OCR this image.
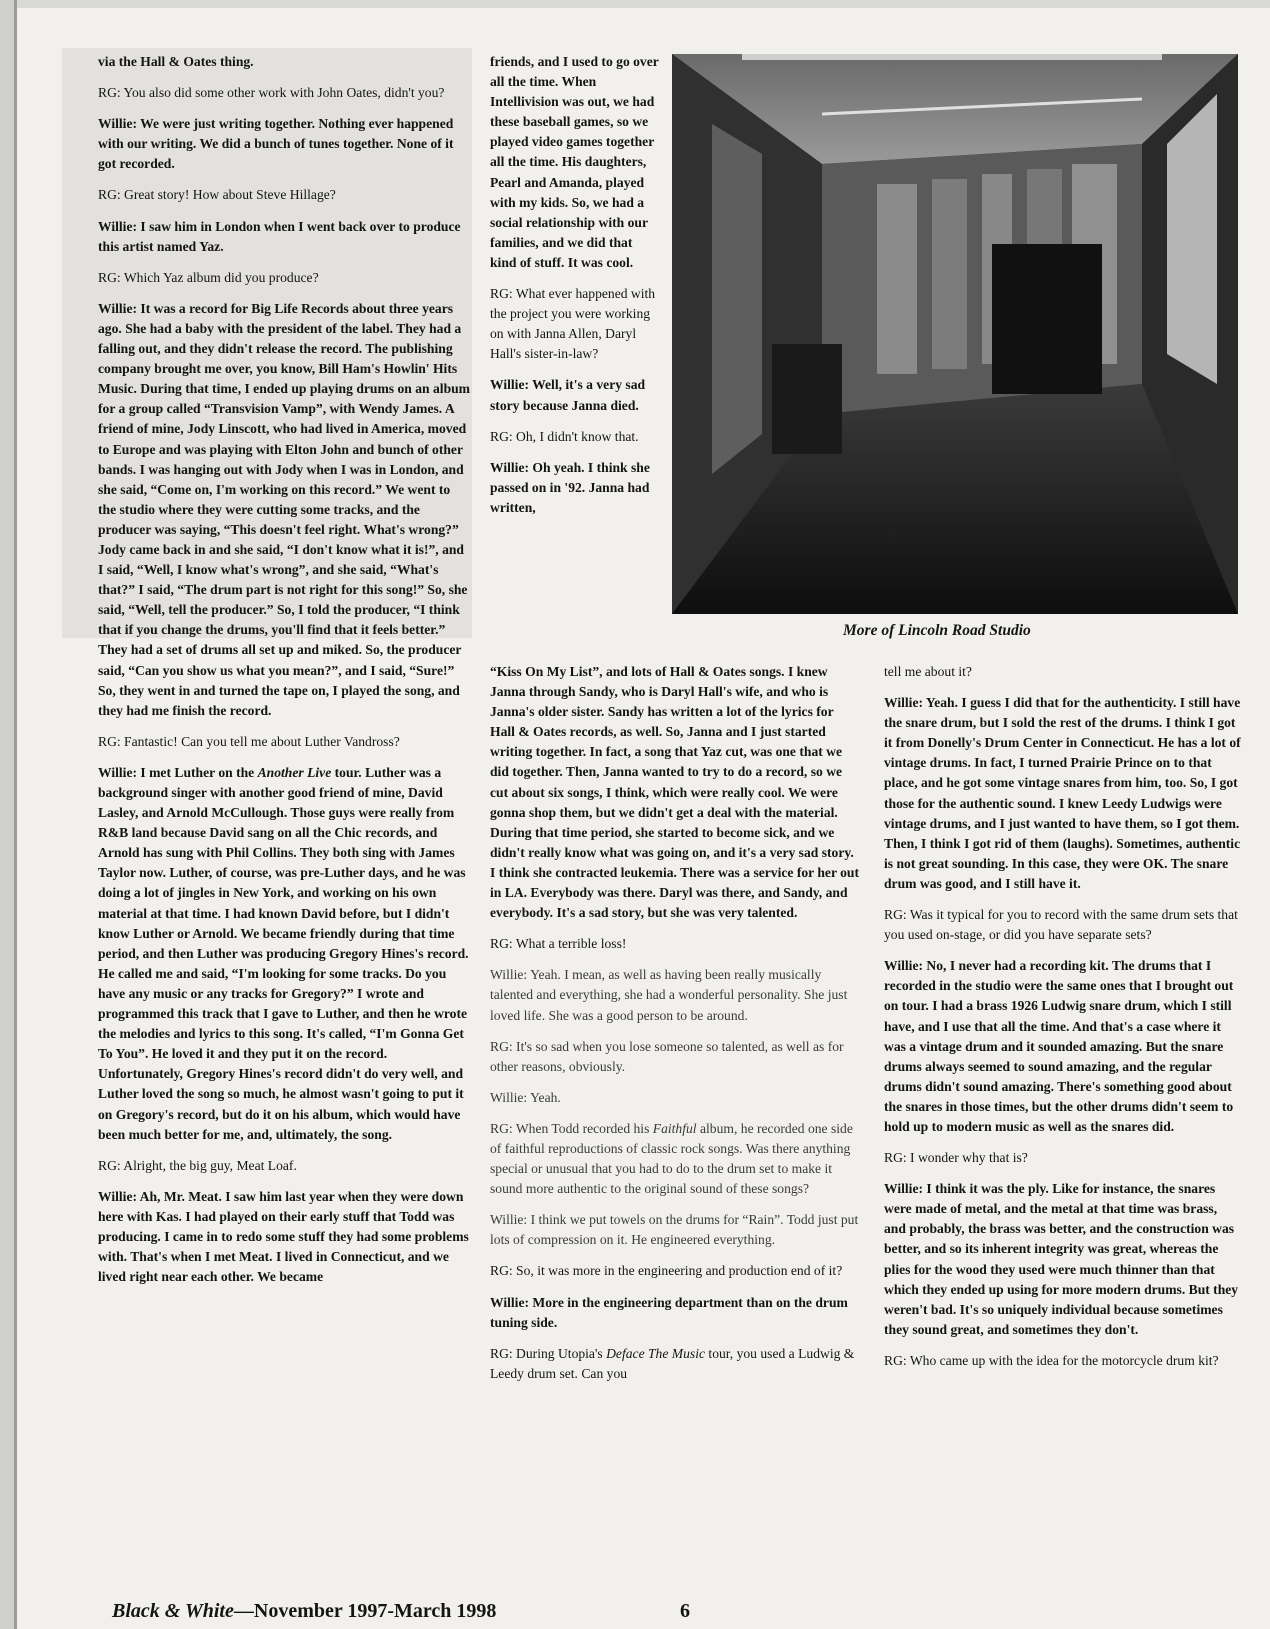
via the Hall & Oates thing.

RG: You also did some other work with John Oates, didn't you?

Willie: We were just writing together. Nothing ever happened with our writing. We did a bunch of tunes together. None of it got recorded.

RG: Great story! How about Steve Hillage?

Willie: I saw him in London when I went back over to produce this artist named Yaz.

RG: Which Yaz album did you produce?

Willie: It was a record for Big Life Records about three years ago. She had a baby with the president of the label. They had a falling out, and they didn't release the record. The publishing company brought me over, you know, Bill Ham's Howlin' Hits Music. During that time, I ended up playing drums on an album for a group called “Transvision Vamp”, with Wendy James. A friend of mine, Jody Linscott, who had lived in America, moved to Europe and was playing with Elton John and bunch of other bands. I was hanging out with Jody when I was in London, and she said, “Come on, I'm working on this record.” We went to the studio where they were cutting some tracks, and the producer was saying, “This doesn't feel right. What's wrong?” Jody came back in and she said, “I don't know what it is!”, and I said, “Well, I know what's wrong”, and she said, “What's that?” I said, “The drum part is not right for this song!” So, she said, “Well, tell the producer.” So, I told the producer, “I think that if you change the drums, you'll find that it feels better.” They had a set of drums all set up and miked. So, the producer said, “Can you show us what you mean?”, and I said, “Sure!” So, they went in and turned the tape on, I played the song, and they had me finish the record.

RG: Fantastic! Can you tell me about Luther Vandross?

Willie: I met Luther on the Another Live tour. Luther was a background singer with another good friend of mine, David Lasley, and Arnold McCullough. Those guys were really from R&B land because David sang on all the Chic records, and Arnold has sung with Phil Collins. They both sing with James Taylor now. Luther, of course, was pre-Luther days, and he was doing a lot of jingles in New York, and working on his own material at that time. I had known David before, but I didn't know Luther or Arnold. We became friendly during that time period, and then Luther was producing Gregory Hines's record. He called me and said, “I'm looking for some tracks. Do you have any music or any tracks for Gregory?” I wrote and programmed this track that I gave to Luther, and then he wrote the melodies and lyrics to this song. It's called, “I'm Gonna Get To You”. He loved it and they put it on the record. Unfortunately, Gregory Hines's record didn't do very well, and Luther loved the song so much, he almost wasn't going to put it on Gregory's record, but do it on his album, which would have been much better for me, and, ultimately, the song.

RG: Alright, the big guy, Meat Loaf.

Willie: Ah, Mr. Meat. I saw him last year when they were down here with Kas. I had played on their early stuff that Todd was producing. I came in to redo some stuff they had some problems with. That's when I met Meat. I lived in Connecticut, and we lived right near each other. We became

friends, and I used to go over all the time. When Intellivision was out, we had these baseball games, so we played video games together all the time. His daughters, Pearl and Amanda, played with my kids. So, we had a social relationship with our families, and we did that kind of stuff. It was cool.

RG: What ever happened with the project you were working on with Janna Allen, Daryl Hall's sister-in-law?

Willie: Well, it's a very sad story because Janna died.

RG: Oh, I didn't know that.

Willie: Oh yeah. I think she passed on in '92. Janna had written,

“Kiss On My List”, and lots of Hall & Oates songs. I knew Janna through Sandy, who is Daryl Hall's wife, and who is Janna's older sister. Sandy has written a lot of the lyrics for Hall & Oates records, as well. So, Janna and I just started writing together. In fact, a song that Yaz cut, was one that we did together. Then, Janna wanted to try to do a record, so we cut about six songs, I think, which were really cool. We were gonna shop them, but we didn't get a deal with the material. During that time period, she started to become sick, and we didn't really know what was going on, and it's a very sad story. I think she contracted leukemia. There was a service for her out in LA. Everybody was there. Daryl was there, and Sandy, and everybody. It's a sad story, but she was very talented.

RG: What a terrible loss!

Willie: Yeah. I mean, as well as having been really musically talented and everything, she had a wonderful personality. She just loved life. She was a good person to be around.

RG: It's so sad when you lose someone so talented, as well as for other reasons, obviously.

Willie: Yeah.

RG: When Todd recorded his Faithful album, he recorded one side of faithful reproductions of classic rock songs. Was there anything special or unusual that you had to do to the drum set to make it sound more authentic to the original sound of these songs?

Willie: I think we put towels on the drums for “Rain”. Todd just put lots of compression on it. He engineered everything.

RG: So, it was more in the engineering and production end of it?

Willie: More in the engineering department than on the drum tuning side.

RG: During Utopia's Deface The Music tour, you used a Ludwig & Leedy drum set. Can you

tell me about it?

Willie: Yeah. I guess I did that for the authenticity. I still have the snare drum, but I sold the rest of the drums. I think I got it from Donelly's Drum Center in Connecticut. He has a lot of vintage drums. In fact, I turned Prairie Prince on to that place, and he got some vintage snares from him, too. So, I got those for the authentic sound. I knew Leedy Ludwigs were vintage drums, and I just wanted to have them, so I got them. Then, I think I got rid of them (laughs). Sometimes, authentic is not great sounding. In this case, they were OK. The snare drum was good, and I still have it.

RG: Was it typical for you to record with the same drum sets that you used on-stage, or did you have separate sets?

Willie: No, I never had a recording kit. The drums that I recorded in the studio were the same ones that I brought out on tour. I had a brass 1926 Ludwig snare drum, which I still have, and I use that all the time. And that's a case where it was a vintage drum and it sounded amazing. But the snare drums always seemed to sound amazing, and the regular drums didn't sound amazing. There's something good about the snares in those times, but the other drums didn't seem to hold up to modern music as well as the snares did.

RG: I wonder why that is?

Willie: I think it was the ply. Like for instance, the snares were made of metal, and the metal at that time was brass, and probably, the brass was better, and the construction was better, and so its inherent integrity was great, whereas the plies for the wood they used were much thinner than that which they ended up using for more modern drums. But they weren't bad. It's so uniquely individual because sometimes they sound great, and sometimes they don't.

RG: Who came up with the idea for the motorcycle drum kit?

More of Lincoln Road Studio
Black & White—November 1997-March 1998	6
